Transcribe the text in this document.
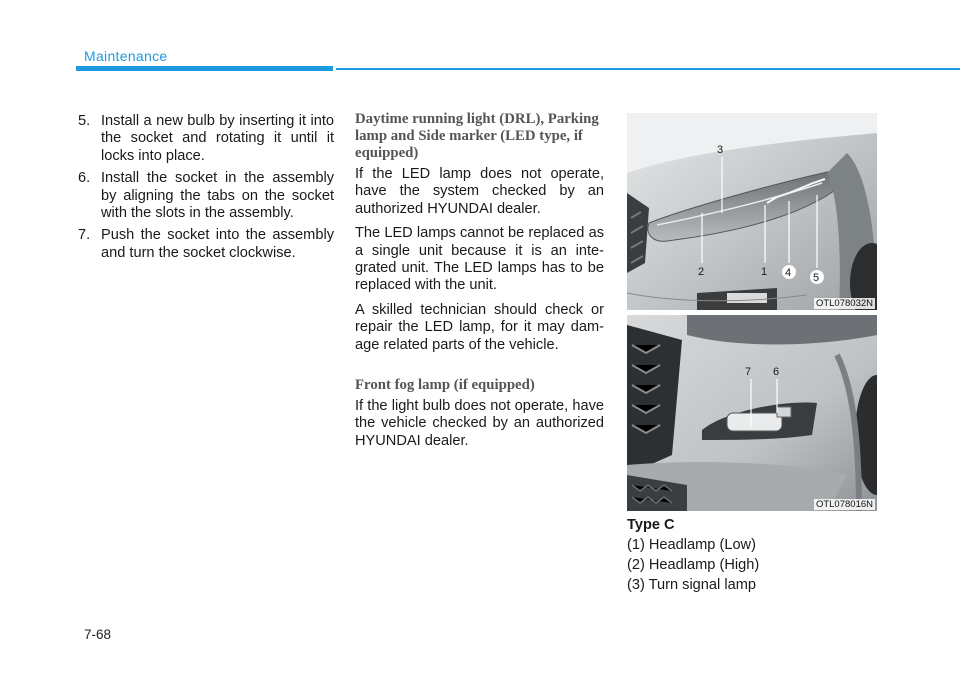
Maintenance
5. Install a new bulb by inserting it into the socket and rotating it until it locks into place.
6. Install the socket in the assembly by aligning the tabs on the socket with the slots in the assembly.
7. Push the socket into the assembly and turn the socket clockwise.
Daytime running light (DRL), Parking lamp and Side marker (LED type, if equipped)

If the LED lamp does not operate, have the system checked by an authorized HYUNDAI dealer.

The LED lamps cannot be replaced as a single unit because it is an inte-grated unit. The LED lamps has to be replaced with the unit.

A skilled technician should check or repair the LED lamp, for it may dam-age related parts of the vehicle.

Front fog lamp (if equipped)

If the light bulb does not operate, have the vehicle checked by an authorized HYUNDAI dealer.

3
2	1 4 5
OTL078032N
7 6
OTL078016N
Type C
(1) Headlamp (Low)
(2) Headlamp (High)
(3) Turn signal lamp
7-68
